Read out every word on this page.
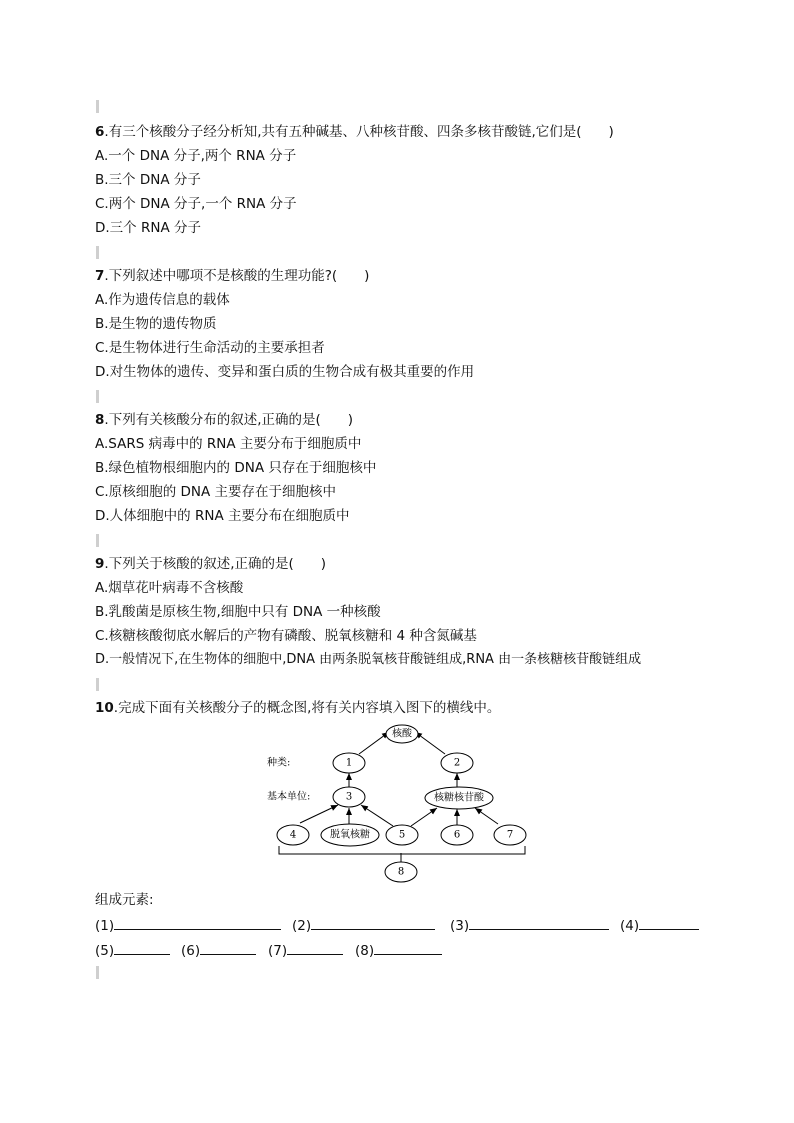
6.有三个核酸分子经分析知,共有五种碱基、八种核苷酸、四条多核苷酸链,它们是(　　)
A.一个 DNA 分子,两个 RNA 分子
B.三个 DNA 分子
C.两个 DNA 分子,一个 RNA 分子
D.三个 RNA 分子
7.下列叙述中哪项不是核酸的生理功能?(　　)
A.作为遗传信息的载体
B.是生物的遗传物质
C.是生物体进行生命活动的主要承担者
D.对生物体的遗传、变异和蛋白质的生物合成有极其重要的作用
8.下列有关核酸分布的叙述,正确的是(　　)
A.SARS 病毒中的 RNA 主要分布于细胞质中
B.绿色植物根细胞内的 DNA 只存在于细胞核中
C.原核细胞的 DNA 主要存在于细胞核中
D.人体细胞中的 RNA 主要分布在细胞质中
9.下列关于核酸的叙述,正确的是(　　)
A.烟草花叶病毒不含核酸
B.乳酸菌是原核生物,细胞中只有 DNA 一种核酸
C.核糖核酸彻底水解后的产物有磷酸、脱氧核糖和 4 种含氮碱基
D.一般情况下,在生物体的细胞中,DNA 由两条脱氧核苷酸链组成,RNA 由一条核糖核苷酸链组成
10.完成下面有关核酸分子的概念图,将有关内容填入图下的横线中。
核酸
1	2
3	核糖核苷酸
4	脱氧核糖	5	6	7
8
种类:
基本单位:
组成元素:
(1)	(2)	(3)	(4)
(5)	(6)	(7)	(8)
